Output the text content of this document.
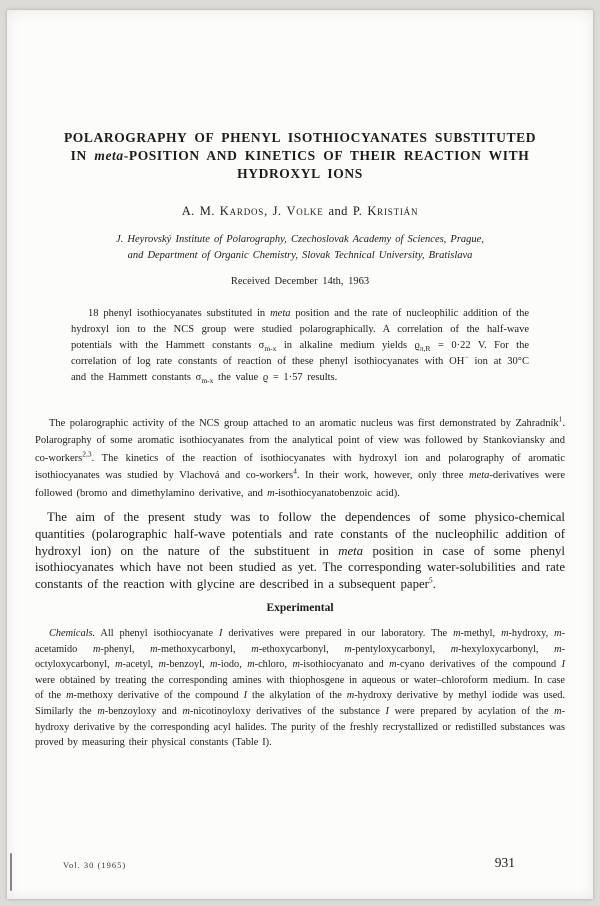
POLAROGRAPHY OF PHENYL ISOTHIOCYANATES SUBSTITUTED IN meta-POSITION AND KINETICS OF THEIR REACTION WITH HYDROXYL IONS
A. M. Kardos, J. Volke and P. Kristián
J. Heyrovský Institute of Polarography, Czechoslovak Academy of Sciences, Prague,
and Department of Organic Chemistry, Slovak Technical University, Bratislava
Received December 14th, 1963
18 phenyl isothiocyanates substituted in meta position and the rate of nucleophilic addition of the hydroxyl ion to the NCS group were studied polarographically. A correlation of the half-wave potentials with the Hammett constants $\sigma_{m-x}$ in alkaline medium yields $ϱ_{\pi,R} = 0\cdot 22$ V. For the correlation of log rate constants of reaction of these phenyl isothiocyanates with OH− ion at 30°C and the Hammett constants $\sigma_{m-x}$ the value ϱ = 1·57 results.

The polarographic activity of the NCS group attached to an aromatic nucleus was first demonstrated by Zahradník$^1$. Polarography of some aromatic isothiocyanates from the analytical point of view was followed by Stankoviansky and co-workers$^{2,3}$. The kinetics of the reaction of isothiocyanates with hydroxyl ion and polarography of aromatic isothiocyanates was studied by Vlachová and co-workers$^4$. In their work, however, only three meta-derivatives were followed (bromo and dimethylamino derivative, and m-isothiocyanatobenzoic acid).

The aim of the present study was to follow the dependences of some physico-chemical quantities (polarographic half-wave potentials and rate constants of the nucleophilic addition of hydroxyl ion) on the nature of the substituent in meta position in case of some phenyl isothiocyanates which have not been studied as yet. The corresponding water-solubilities and rate constants of the reaction with glycine are described in a subsequent paper$^5$.

Experimental

Chemicals. All phenyl isothiocyanate I derivatives were prepared in our laboratory. The m-methyl, m-hydroxy, m-acetamido m-phenyl, m-methoxycarbonyl, m-ethoxycarbonyl, m-pentyloxycarbonyl, m-hexyloxycarbonyl, m-octyloxycarbonyl, m-acetyl, m-benzoyl, m-iodo, m-chloro, m-isothiocyanato and m-cyano derivatives of the compound I were obtained by treating the corresponding amines with thiophosgene in aqueous or water–chloroform medium. In case of the m-methoxy derivative of the compound I the alkylation of the m-hydroxy derivative by methyl iodide was used. Similarly the m-benzoyloxy and m-nicotinoyloxy derivatives of the substance I were prepared by acylation of the m-hydroxy derivative by the corresponding acyl halides. The purity of the freshly recrystallized or redistilled substances was proved by measuring their physical constants (Table I).

Vol. 30 (1965)	931
